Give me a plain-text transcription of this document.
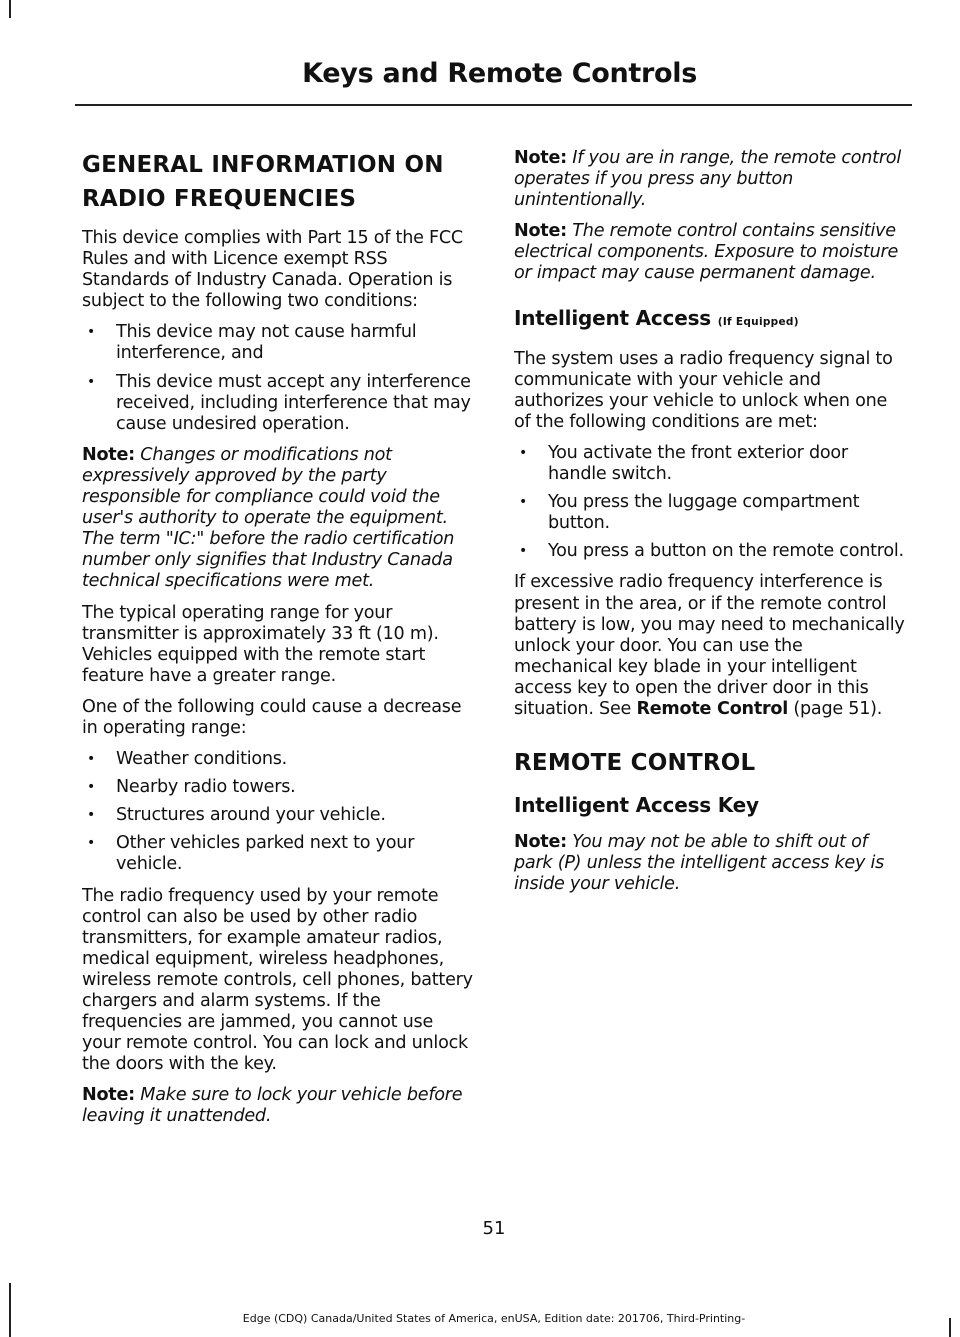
Keys and Remote Controls
GENERAL INFORMATION ON
RADIO FREQUENCIES

This device complies with Part 15 of the FCC Rules and with Licence exempt RSS Standards of Industry Canada. Operation is subject to the following two conditions:

• This device may not cause harmful interference, and
• This device must accept any interference received, including interference that may cause undesired operation.

Note: Changes or modifications not expressively approved by the party responsible for compliance could void the user's authority to operate the equipment. The term "IC:" before the radio certification number only signifies that Industry Canada technical specifications were met.

The typical operating range for your transmitter is approximately 33 ft (10 m). Vehicles equipped with the remote start feature have a greater range.

One of the following could cause a decrease in operating range:

• Weather conditions.
• Nearby radio towers.
• Structures around your vehicle.
• Other vehicles parked next to your vehicle.

The radio frequency used by your remote control can also be used by other radio transmitters, for example amateur radios, medical equipment, wireless headphones, wireless remote controls, cell phones, battery chargers and alarm systems. If the frequencies are jammed, you cannot use your remote control. You can lock and unlock the doors with the key.

Note: Make sure to lock your vehicle before leaving it unattended.

Note: If you are in range, the remote control operates if you press any button unintentionally.

Note: The remote control contains sensitive electrical components. Exposure to moisture or impact may cause permanent damage.

Intelligent Access (If Equipped)

The system uses a radio frequency signal to communicate with your vehicle and authorizes your vehicle to unlock when one of the following conditions are met:

• You activate the front exterior door handle switch.
• You press the luggage compartment button.
• You press a button on the remote control.

If excessive radio frequency interference is present in the area, or if the remote control battery is low, you may need to mechanically unlock your door. You can use the mechanical key blade in your intelligent access key to open the driver door in this situation. See Remote Control (page 51).

REMOTE CONTROL
Intelligent Access Key

Note: You may not be able to shift out of park (P) unless the intelligent access key is inside your vehicle.

51

Edge (CDQ) Canada/United States of America, enUSA, Edition date: 201706, Third-Printing-
